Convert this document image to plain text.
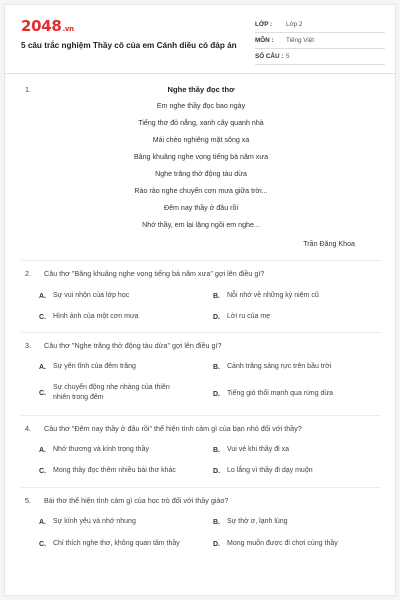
2048.vn
5 câu trắc nghiệm Thầy cô của em Cánh diều có đáp án
LỚP :	Lớp 2
MÔN :	Tiếng Việt
SỐ CÂU : 5
1.	Nghe thầy đọc thơ
Em nghe thầy đọc bao ngày
Tiếng thơ đỏ nắng, xanh cây quanh nhà
Mái chèo nghiêng mặt sông xa
Bâng khuâng nghe vọng tiếng bà năm xưa
Nghe trăng thở động tàu dừa
Rào rào nghe chuyển cơn mưa giữa trời...
Đêm nay thầy ở đâu rồi
Nhớ thầy, em lại lặng ngồi em nghe...
Trần Đăng Khoa
2. Câu thơ "Bâng khuâng nghe vọng tiếng bà năm xưa" gợi lên điều gì?
A.	Sự vui nhộn của lớp học	B.	Nỗi nhớ về những kỷ niệm cũ
C.	Hình ảnh của một cơn mưa	D.	Lời ru của mẹ
3. Câu thơ "Nghe trăng thở động tàu dừa" gợi lên điều gì?
A.	Sự yên tĩnh của đêm trăng	B.	Cảnh trăng sáng rực trên bầu trời
C.
Sự chuyển động nhẹ nhàng của thiên
nhiên trong đêm	D.	Tiếng gió thổi mạnh qua rừng dừa
4. Câu thơ "Đêm nay thầy ở đâu rồi" thể hiện tình cảm gì của bạn nhỏ đối với thầy?
A.	Nhớ thương và kính trọng thầy	B.	Vui vẻ khi thầy đi xa
C.	Mong thầy đọc thêm nhiều bài thơ khác	D.	Lo lắng vì thầy đi dạy muộn
5. Bài thơ thể hiện tình cảm gì của học trò đối với thầy giáo?
A.	Sự kính yêu và nhớ nhung	B.	Sự thờ ơ, lạnh lùng
C.	Chỉ thích nghe thơ, không quan tâm thầy	D.	Mong muốn được đi chơi cùng thầy
